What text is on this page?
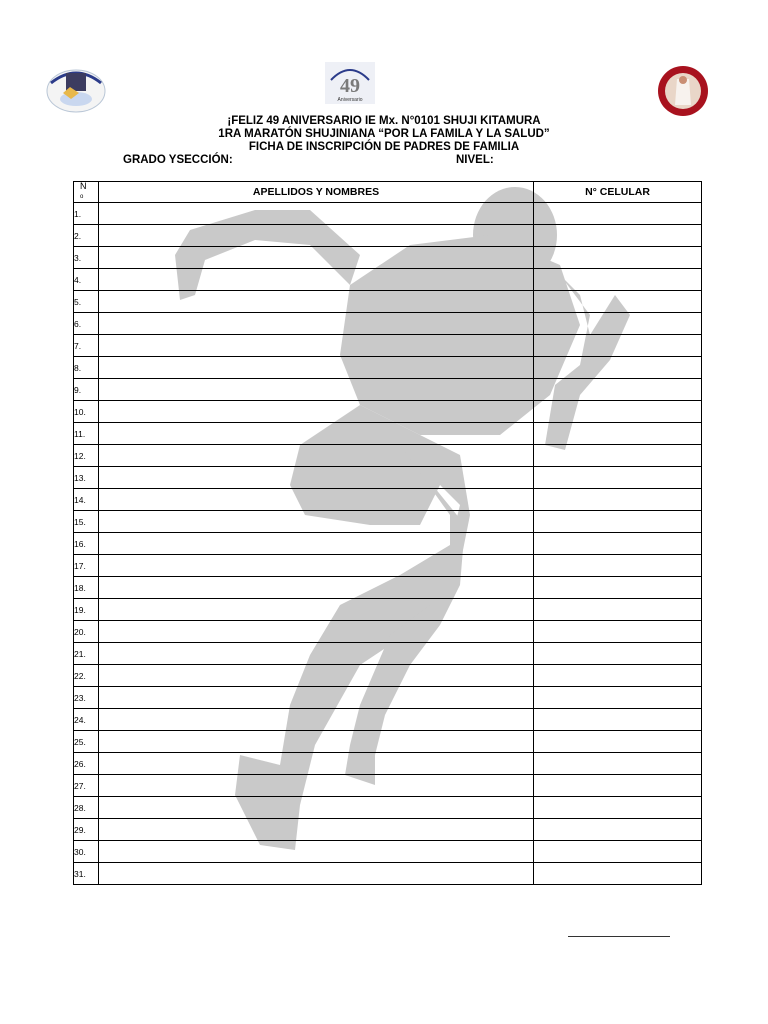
49
Aniversario
¡FELIZ 49 ANIVERSARIO IE Mx. N°0101 SHUJI KITAMURA
1RA MARATÓN SHUJINIANA “POR LA FAMILA Y LA SALUD”
FICHA DE INSCRIPCIÓN DE PADRES DE FAMILIA
GRADO YSECCIÓN:	NIVEL:
N
o	APELLIDOS Y NOMBRES	N° CELULAR
1.		
2.		
3.		
4.		
5.		
6.		
7.		
8.		
9.		
10.		
11.		
12.		
13.		
14.		
15.		
16.		
17.		
18.		
19.		
20.		
21.		
22.		
23.		
24.		
25.		
26.		
27.		
28.		
29.		
30.		
31.		
